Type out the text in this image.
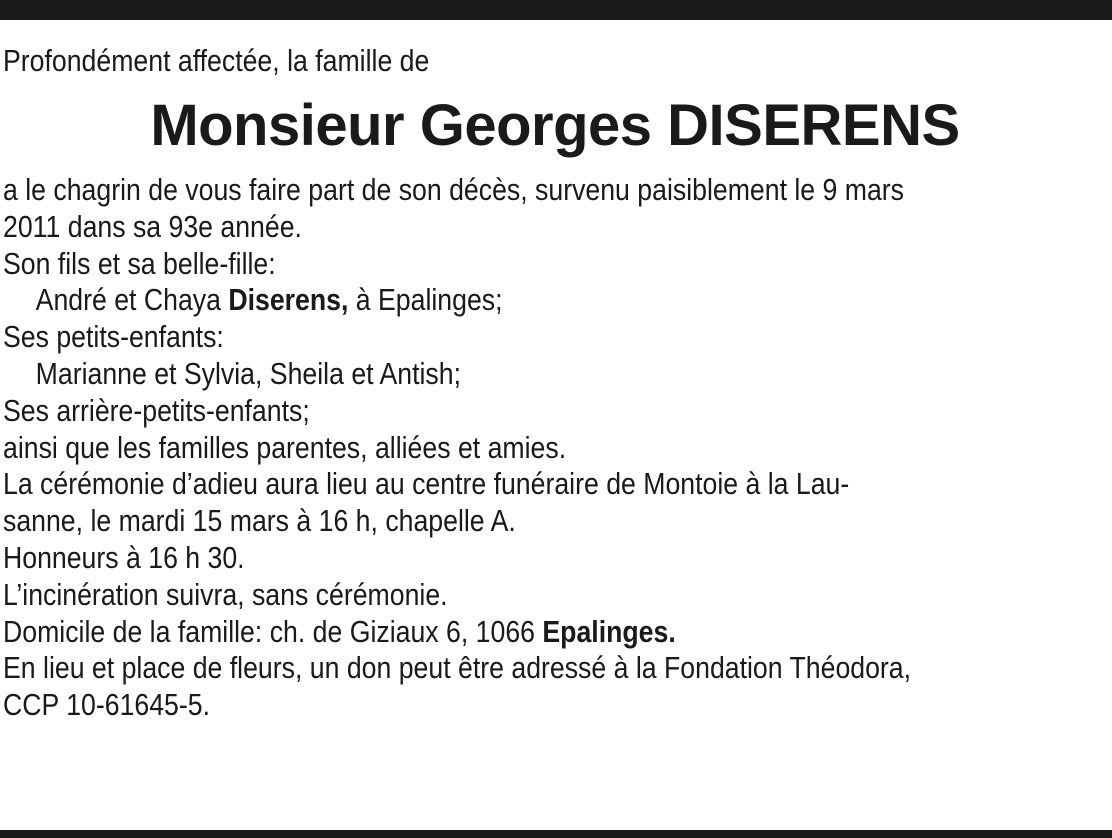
Profondément affectée, la famille de
Monsieur Georges DISERENS
a le chagrin de vous faire part de son décès, survenu paisiblement le 9 mars
2011 dans sa 93e année.
Son fils et sa belle-fille:
André et Chaya Diserens, à Epalinges;
Ses petits-enfants:
Marianne et Sylvia, Sheila et Antish;
Ses arrière-petits-enfants;
ainsi que les familles parentes, alliées et amies.
La cérémonie d’adieu aura lieu au centre funéraire de Montoie à la Lau-
sanne, le mardi 15 mars à 16 h, chapelle A.
Honneurs à 16 h 30.
L’incinération suivra, sans cérémonie.
Domicile de la famille: ch. de Giziaux 6, 1066 Epalinges.
En lieu et place de fleurs, un don peut être adressé à la Fondation Théodora,
CCP 10-61645-5.
